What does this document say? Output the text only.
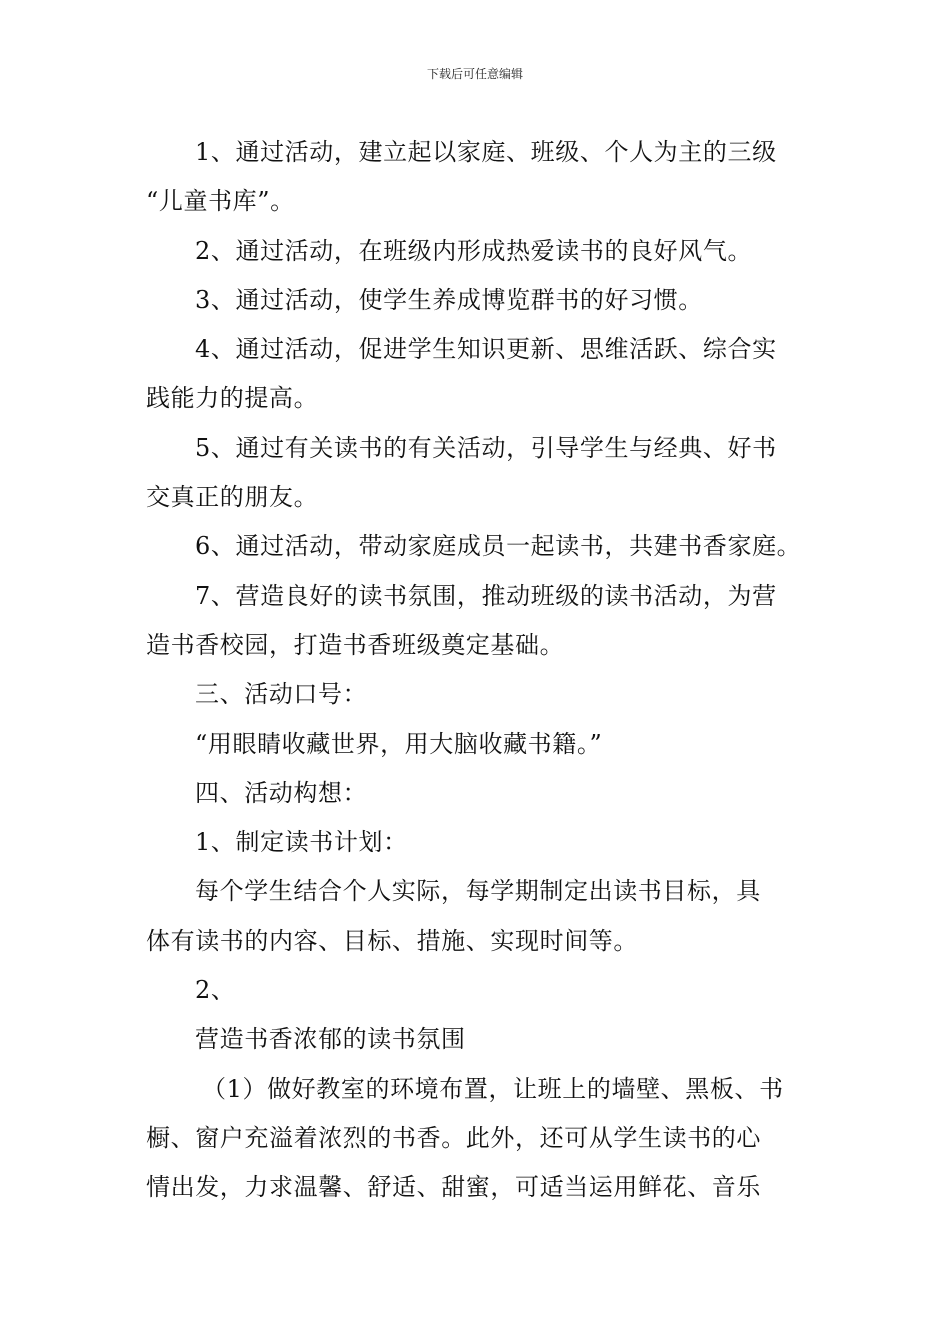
下载后可任意编辑
1、通过活动，建立起以家庭、班级、个人为主的三级
“儿童书库”。
2、通过活动，在班级内形成热爱读书的良好风气。
3、通过活动，使学生养成博览群书的好习惯。
4、通过活动，促进学生知识更新、思维活跃、综合实
践能力的提高。
5、通过有关读书的有关活动，引导学生与经典、好书
交真正的朋友。
6、通过活动，带动家庭成员一起读书，共建书香家庭。
7、营造良好的读书氛围，推动班级的读书活动，为营
造书香校园，打造书香班级奠定基础。
三、活动口号：
“用眼睛收藏世界，用大脑收藏书籍。”
四、活动构想：
1、制定读书计划：
每个学生结合个人实际，每学期制定出读书目标，具
体有读书的内容、目标、措施、实现时间等。
2、
营造书香浓郁的读书氛围
（1）做好教室的环境布置，让班上的墙壁、黑板、书
橱、窗户充溢着浓烈的书香。此外，还可从学生读书的心
情出发，力求温馨、舒适、甜蜜，可适当运用鲜花、音乐
